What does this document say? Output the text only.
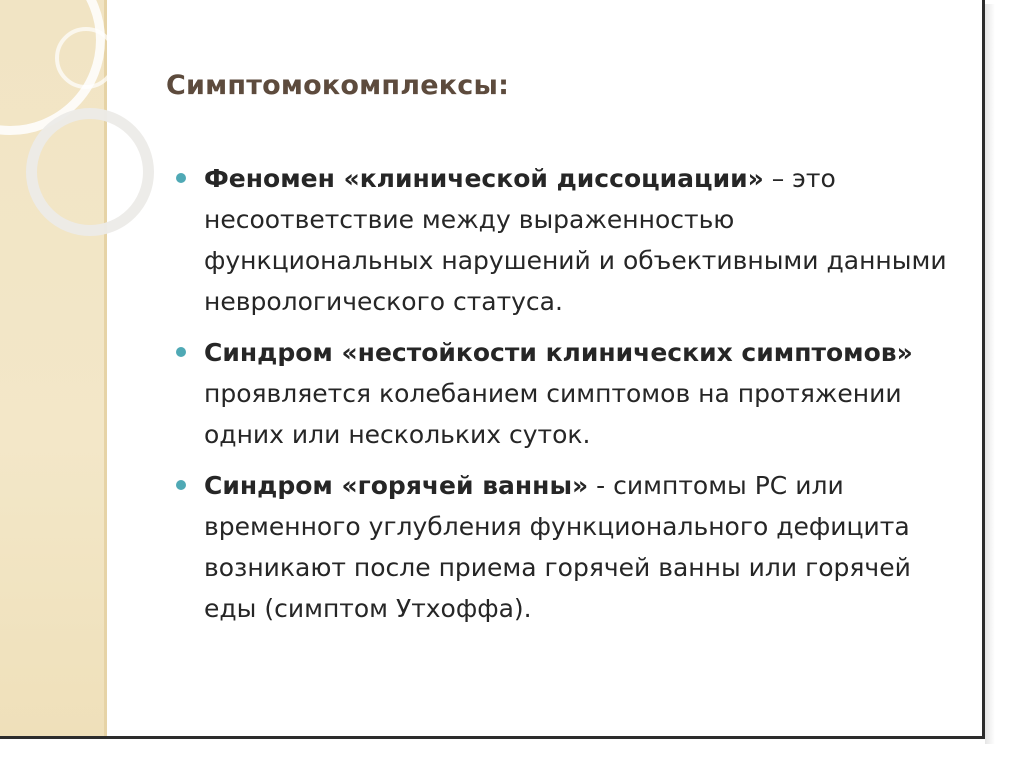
Симптомокомплексы:
Феномен «клинической диссоциации» – это несоответствие между выраженностью функциональных нарушений и объективными данными неврологического статуса.
Синдром «нестойкости клинических симптомов» проявляется колебанием симптомов на протяжении одних или нескольких суток.
Синдром «горячей ванны» - симптомы РС или временного углубления функционального дефицита возникают после приема горячей ванны или горячей еды (симптом Утхоффа).
